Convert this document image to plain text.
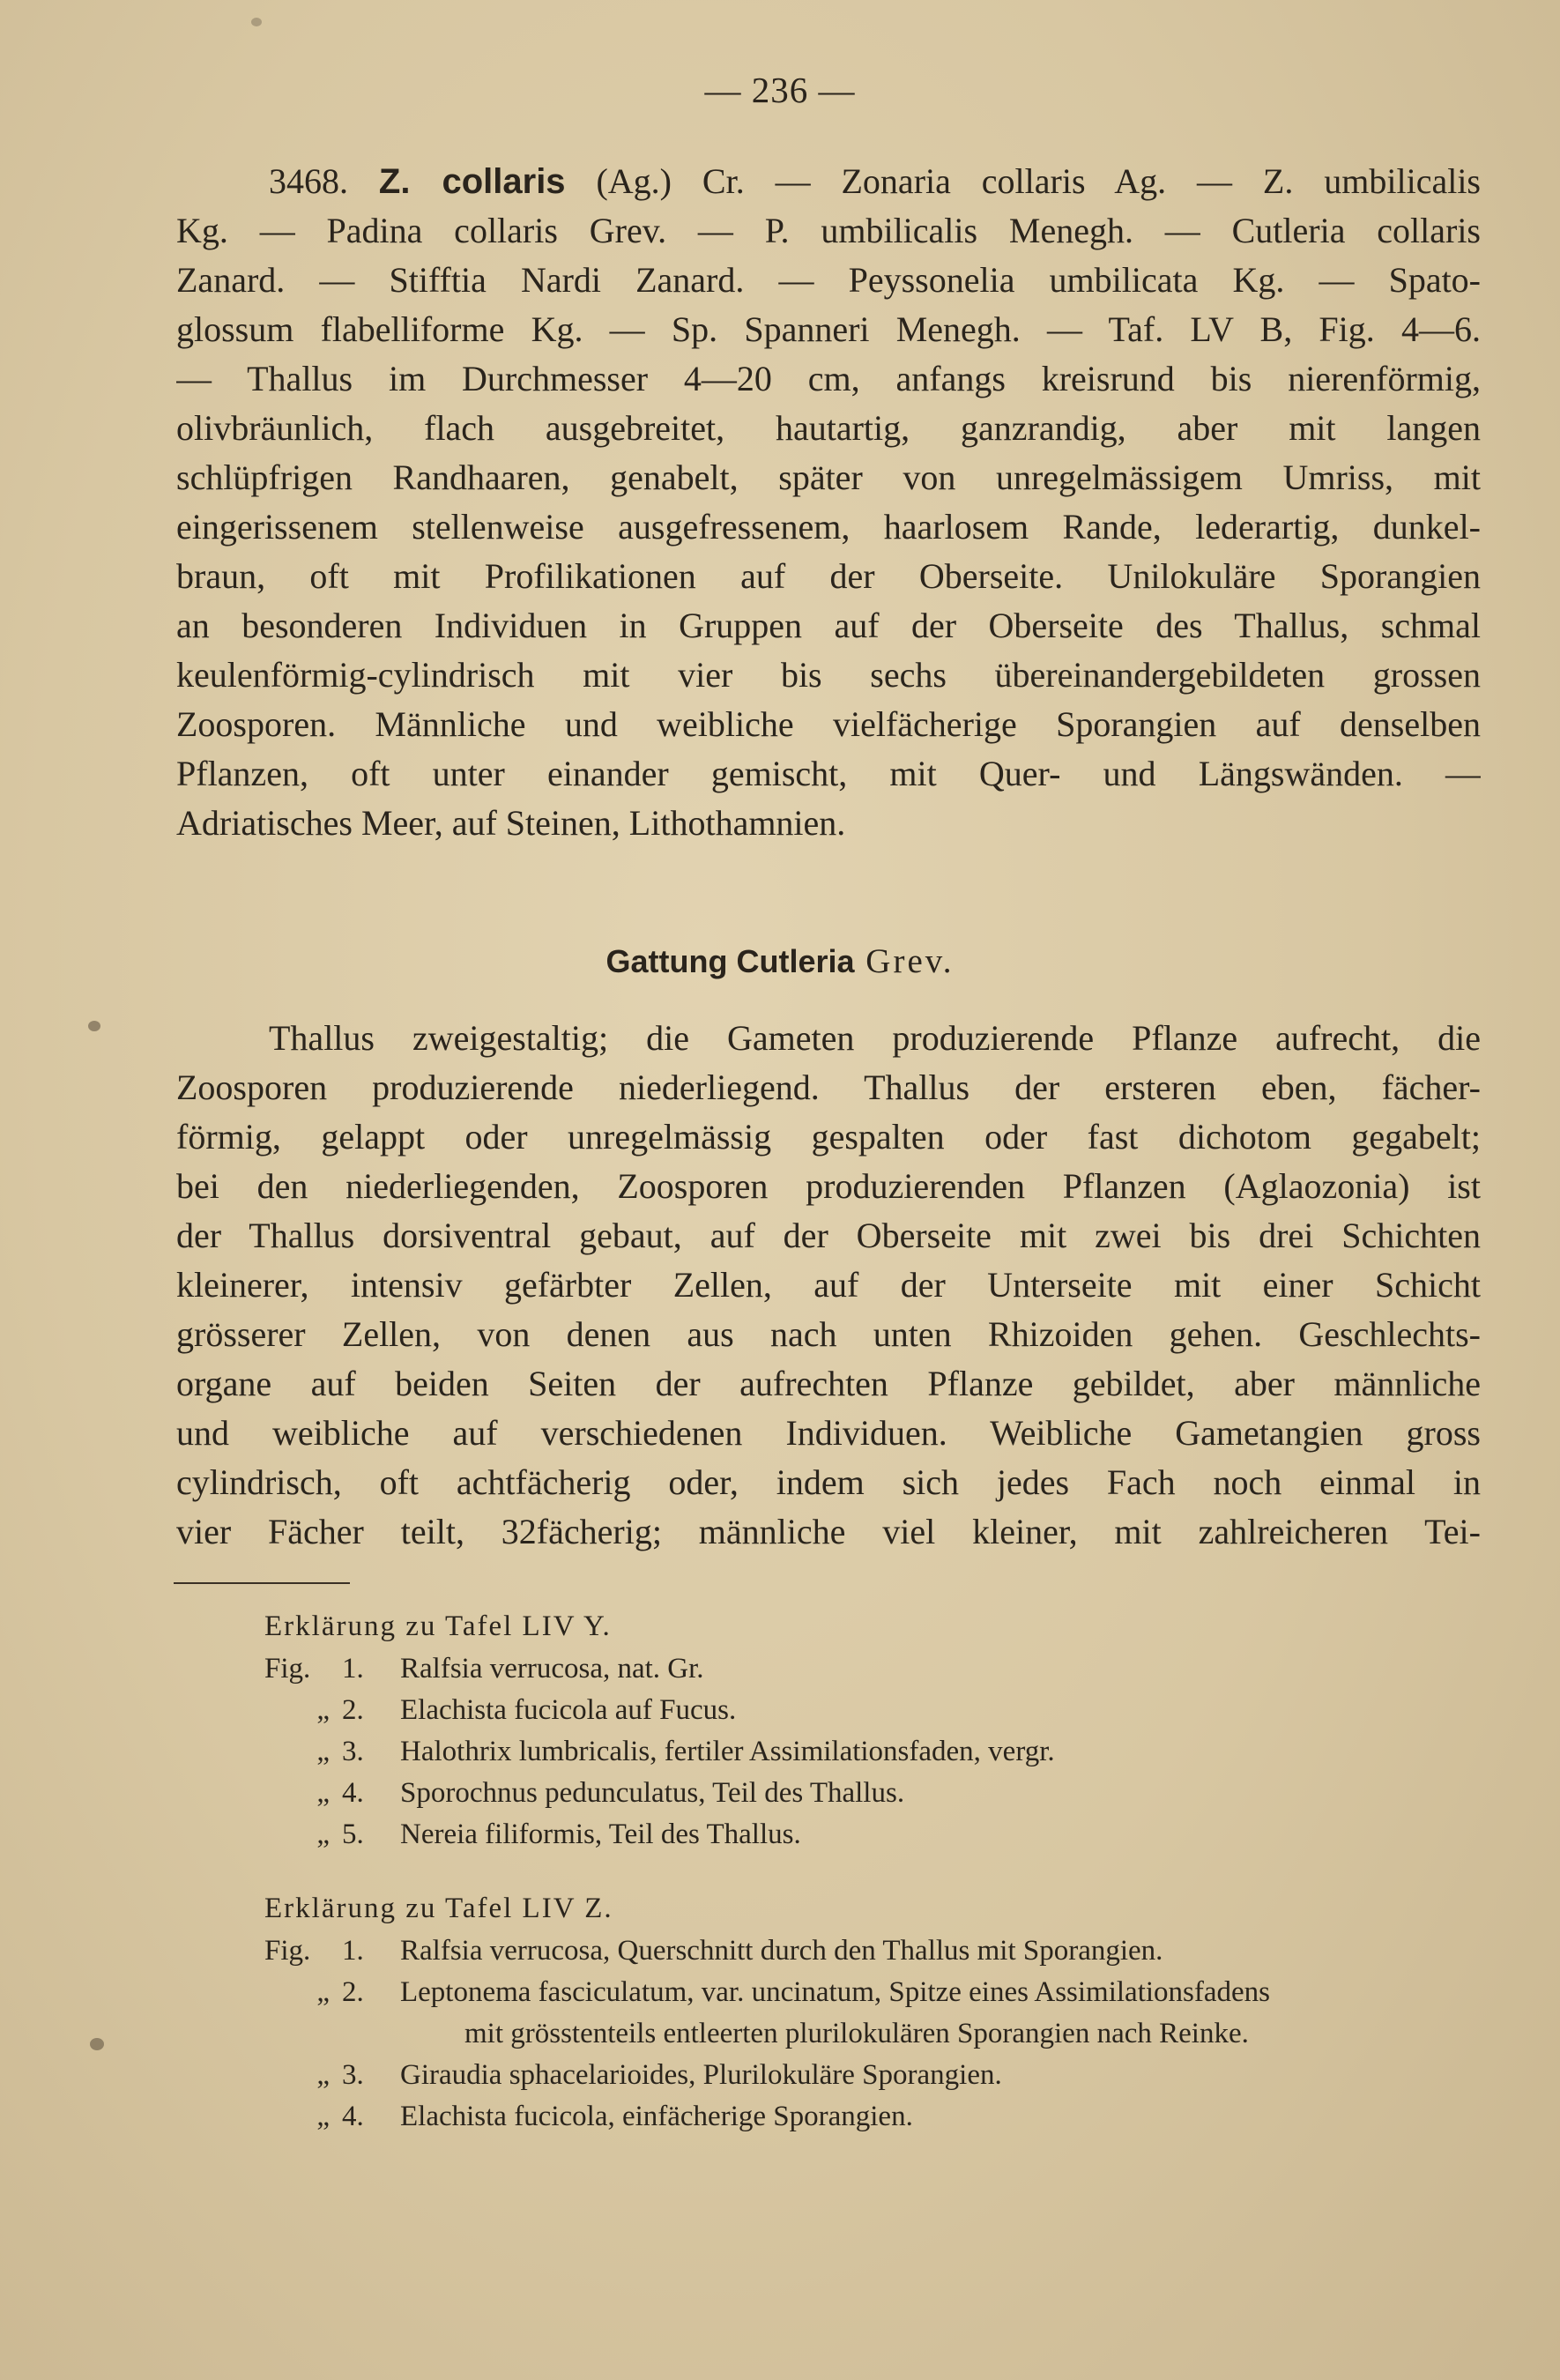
— 236 —
3468. Z. collaris (Ag.) Cr. — Zonaria collaris Ag. — Z. umbilicalis
Kg. — Padina collaris Grev. — P. umbilicalis Menegh. — Cutleria collaris
Zanard. — Stifftia Nardi Zanard. — Peyssonelia umbilicata Kg. — Spato-
glossum flabelliforme Kg. — Sp. Spanneri Menegh. — Taf. LV B, Fig. 4—6.
— Thallus im Durchmesser 4—20 cm, anfangs kreisrund bis nierenförmig,
olivbräunlich, flach ausgebreitet, hautartig, ganzrandig, aber mit langen
schlüpfrigen Randhaaren, genabelt, später von unregelmässigem Umriss, mit
eingerissenem stellenweise ausgefressenem, haarlosem Rande, lederartig, dunkel-
braun, oft mit Profilikationen auf der Oberseite. Unilokuläre Sporangien
an besonderen Individuen in Gruppen auf der Oberseite des Thallus, schmal
keulenförmig-cylindrisch mit vier bis sechs übereinandergebildeten grossen
Zoosporen. Männliche und weibliche vielfächerige Sporangien auf denselben
Pflanzen, oft unter einander gemischt, mit Quer- und Längswänden. —
Adriatisches Meer, auf Steinen, Lithothamnien.
Gattung Cutleria Grev.
Thallus zweigestaltig; die Gameten produzierende Pflanze aufrecht, die
Zoosporen produzierende niederliegend. Thallus der ersteren eben, fächer-
förmig, gelappt oder unregelmässig gespalten oder fast dichotom gegabelt;
bei den niederliegenden, Zoosporen produzierenden Pflanzen (Aglaozonia) ist
der Thallus dorsiventral gebaut, auf der Oberseite mit zwei bis drei Schichten
kleinerer, intensiv gefärbter Zellen, auf der Unterseite mit einer Schicht
grösserer Zellen, von denen aus nach unten Rhizoiden gehen. Geschlechts-
organe auf beiden Seiten der aufrechten Pflanze gebildet, aber männliche
und weibliche auf verschiedenen Individuen. Weibliche Gametangien gross
cylindrisch, oft achtfächerig oder, indem sich jedes Fach noch einmal in
vier Fächer teilt, 32fächerig; männliche viel kleiner, mit zahlreicheren Tei-
Erklärung zu Tafel LIV Y.
Fig.	1.	Ralfsia verrucosa, nat. Gr.
„ 2.	Elachista fucicola auf Fucus.
„ 3.	Halothrix lumbricalis, fertiler Assimilationsfaden, vergr.
„ 4.	Sporochnus pedunculatus, Teil des Thallus.
„ 5.	Nereia filiformis, Teil des Thallus.
Erklärung zu Tafel LIV Z.
Fig.	1.	Ralfsia verrucosa, Querschnitt durch den Thallus mit Sporangien.
„ 2.	Leptonema fasciculatum, var. uncinatum, Spitze eines Assimilationsfadens
mit grösstenteils entleerten plurilokulären Sporangien nach Reinke.
„ 3.	Giraudia sphacelarioides, Plurilokuläre Sporangien.
„ 4.	Elachista fucicola, einfächerige Sporangien.
